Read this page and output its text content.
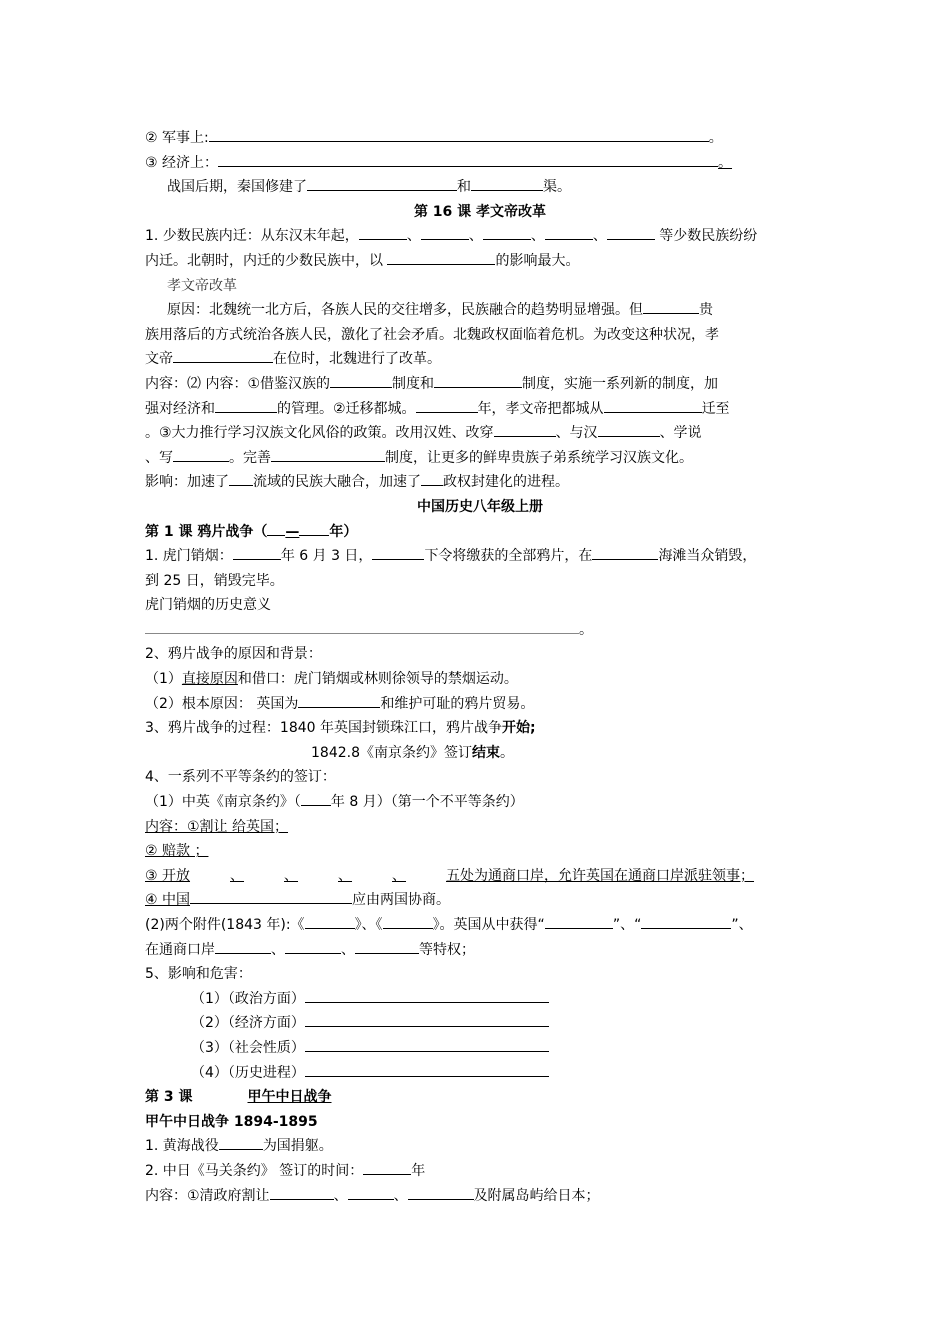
② 军事上:	。
③ 经济上：	。
战国后期，秦国修建了	和	渠。
第 16 课 孝文帝改革
1. 少数民族内迁：从东汉末年起，	、	、	、	、	等少数民族纷纷
内迁。北朝时，内迁的少数民族中，以	的影响最大。
孝文帝改革
原因：北魏统一北方后，各族人民的交往增多，民族融合的趋势明显增强。但	贵
族用落后的方式统治各族人民，激化了社会矛盾。北魏政权面临着危机。为改变这种状况，孝
文帝	在位时，北魏进行了改革。
内容：⑵ 内容：①借鉴汉族的	制度和	制度，实施一系列新的制度，加
强对经济和	的管理。②迁移都城。	年，孝文帝把都城从	迁至
。③大力推行学习汉族文化风俗的政策。改用汉姓、改穿	、与汉	、学说
、写	。完善	制度，让更多的鲜卑贵族子弟系统学习汉族文化。
影响：加速了 流域的民族大融合，加速了 政权封建化的进程。
中国历史八年级上册
第 1 课 鸦片战争（ — 年）
1. 虎门销烟：	年 6 月 3 日，	下令将缴获的全部鸦片，在	海滩当众销毁，
到 25 日，销毁完毕。
虎门销烟的历史意义
。
2、鸦片战争的原因和背景：
（1）直接原因和借口：虎门销烟或林则徐领导的禁烟运动。
（2）根本原因： 英国为	和维护可耻的鸦片贸易。
3、鸦片战争的过程：1840 年英国封锁珠江口，鸦片战争开始;
1842.8《南京条约》签订结束。
4、一系列不平等条约的签订：
（1）中英《南京条约》（ 年 8 月）（第一个不平等条约）
内容：①割让 给英国；
② 赔款 ；
③ 开放	、	、	、	、	五处为通商口岸，允许英国在通商口岸派驻领事；
④ 中国	应由两国协商。
(2)两个附件(1843 年):《	》、《	》。英国从中获得“	”、“	”、
在通商口岸	、	、	等特权；
5、影响和危害：
（1）（政治方面）
（2）（经济方面）
（3）（社会性质）
（4）（历史进程）
第 3 课	甲午中日战争
甲午中日战争 1894-1895
1. 黄海战役	为国捐躯。
2. 中日《马关条约》 签订的时间：	年
内容：①清政府割让	、	、	及附属岛屿给日本；
